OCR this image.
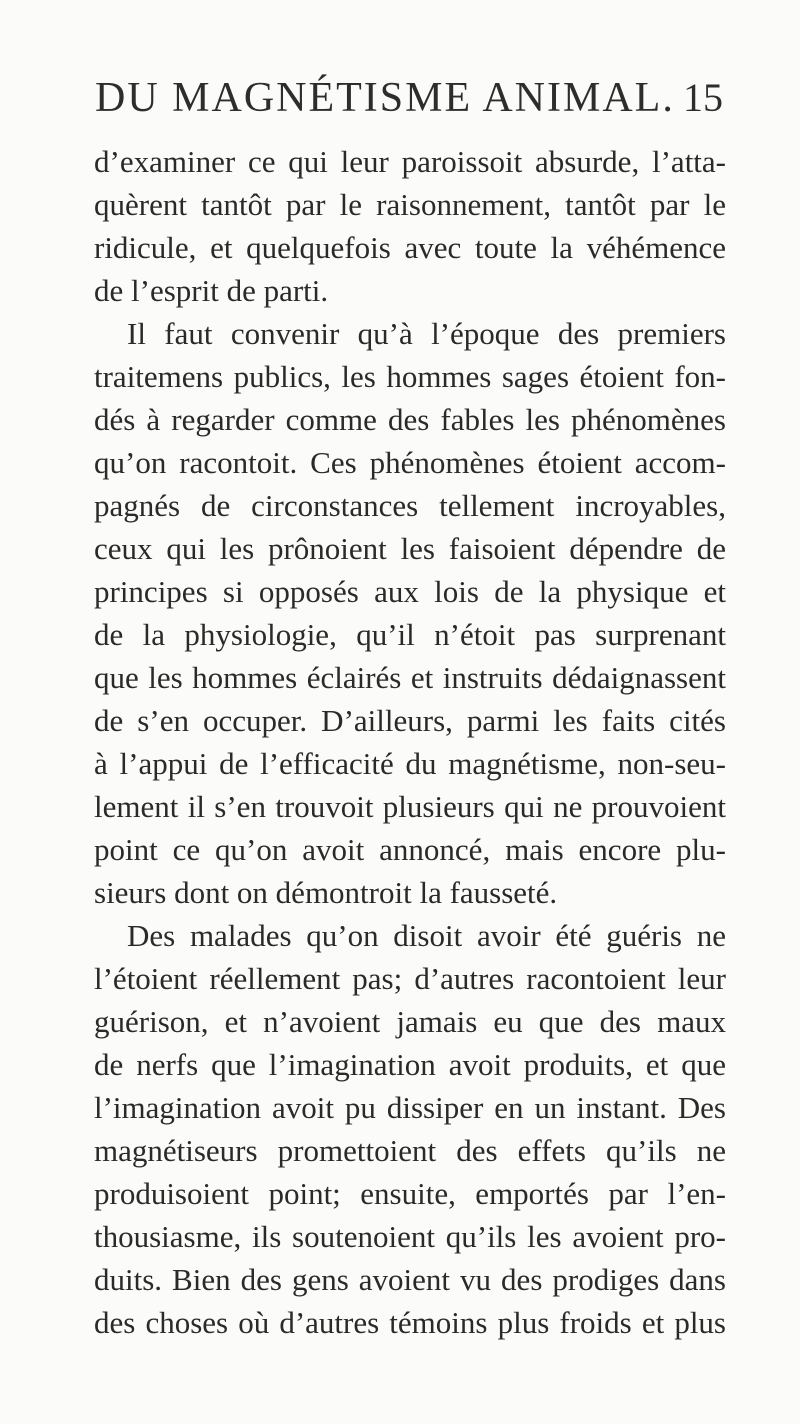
DU MAGNÉTISME ANIMAL. 15
d’examiner ce qui leur paroissoit absurde, l’atta-
quèrent tantôt par le raisonnement, tantôt par le
ridicule, et quelquefois avec toute la véhémence
de l’esprit de parti.
Il faut convenir qu’à l’époque des premiers
traitemens publics, les hommes sages étoient fon-
dés à regarder comme des fables les phénomènes
qu’on racontoit. Ces phénomènes étoient accom-
pagnés de circonstances tellement incroyables,
ceux qui les prônoient les faisoient dépendre de
principes si opposés aux lois de la physique et
de la physiologie, qu’il n’étoit pas surprenant
que les hommes éclairés et instruits dédaignassent
de s’en occuper. D’ailleurs, parmi les faits cités
à l’appui de l’efficacité du magnétisme, non-seu-
lement il s’en trouvoit plusieurs qui ne prouvoient
point ce qu’on avoit annoncé, mais encore plu-
sieurs dont on démontroit la fausseté.
Des malades qu’on disoit avoir été guéris ne
l’étoient réellement pas; d’autres racontoient leur
guérison, et n’avoient jamais eu que des maux
de nerfs que l’imagination avoit produits, et que
l’imagination avoit pu dissiper en un instant. Des
magnétiseurs promettoient des effets qu’ils ne
produisoient point; ensuite, emportés par l’en-
thousiasme, ils soutenoient qu’ils les avoient pro-
duits. Bien des gens avoient vu des prodiges dans
des choses où d’autres témoins plus froids et plus
